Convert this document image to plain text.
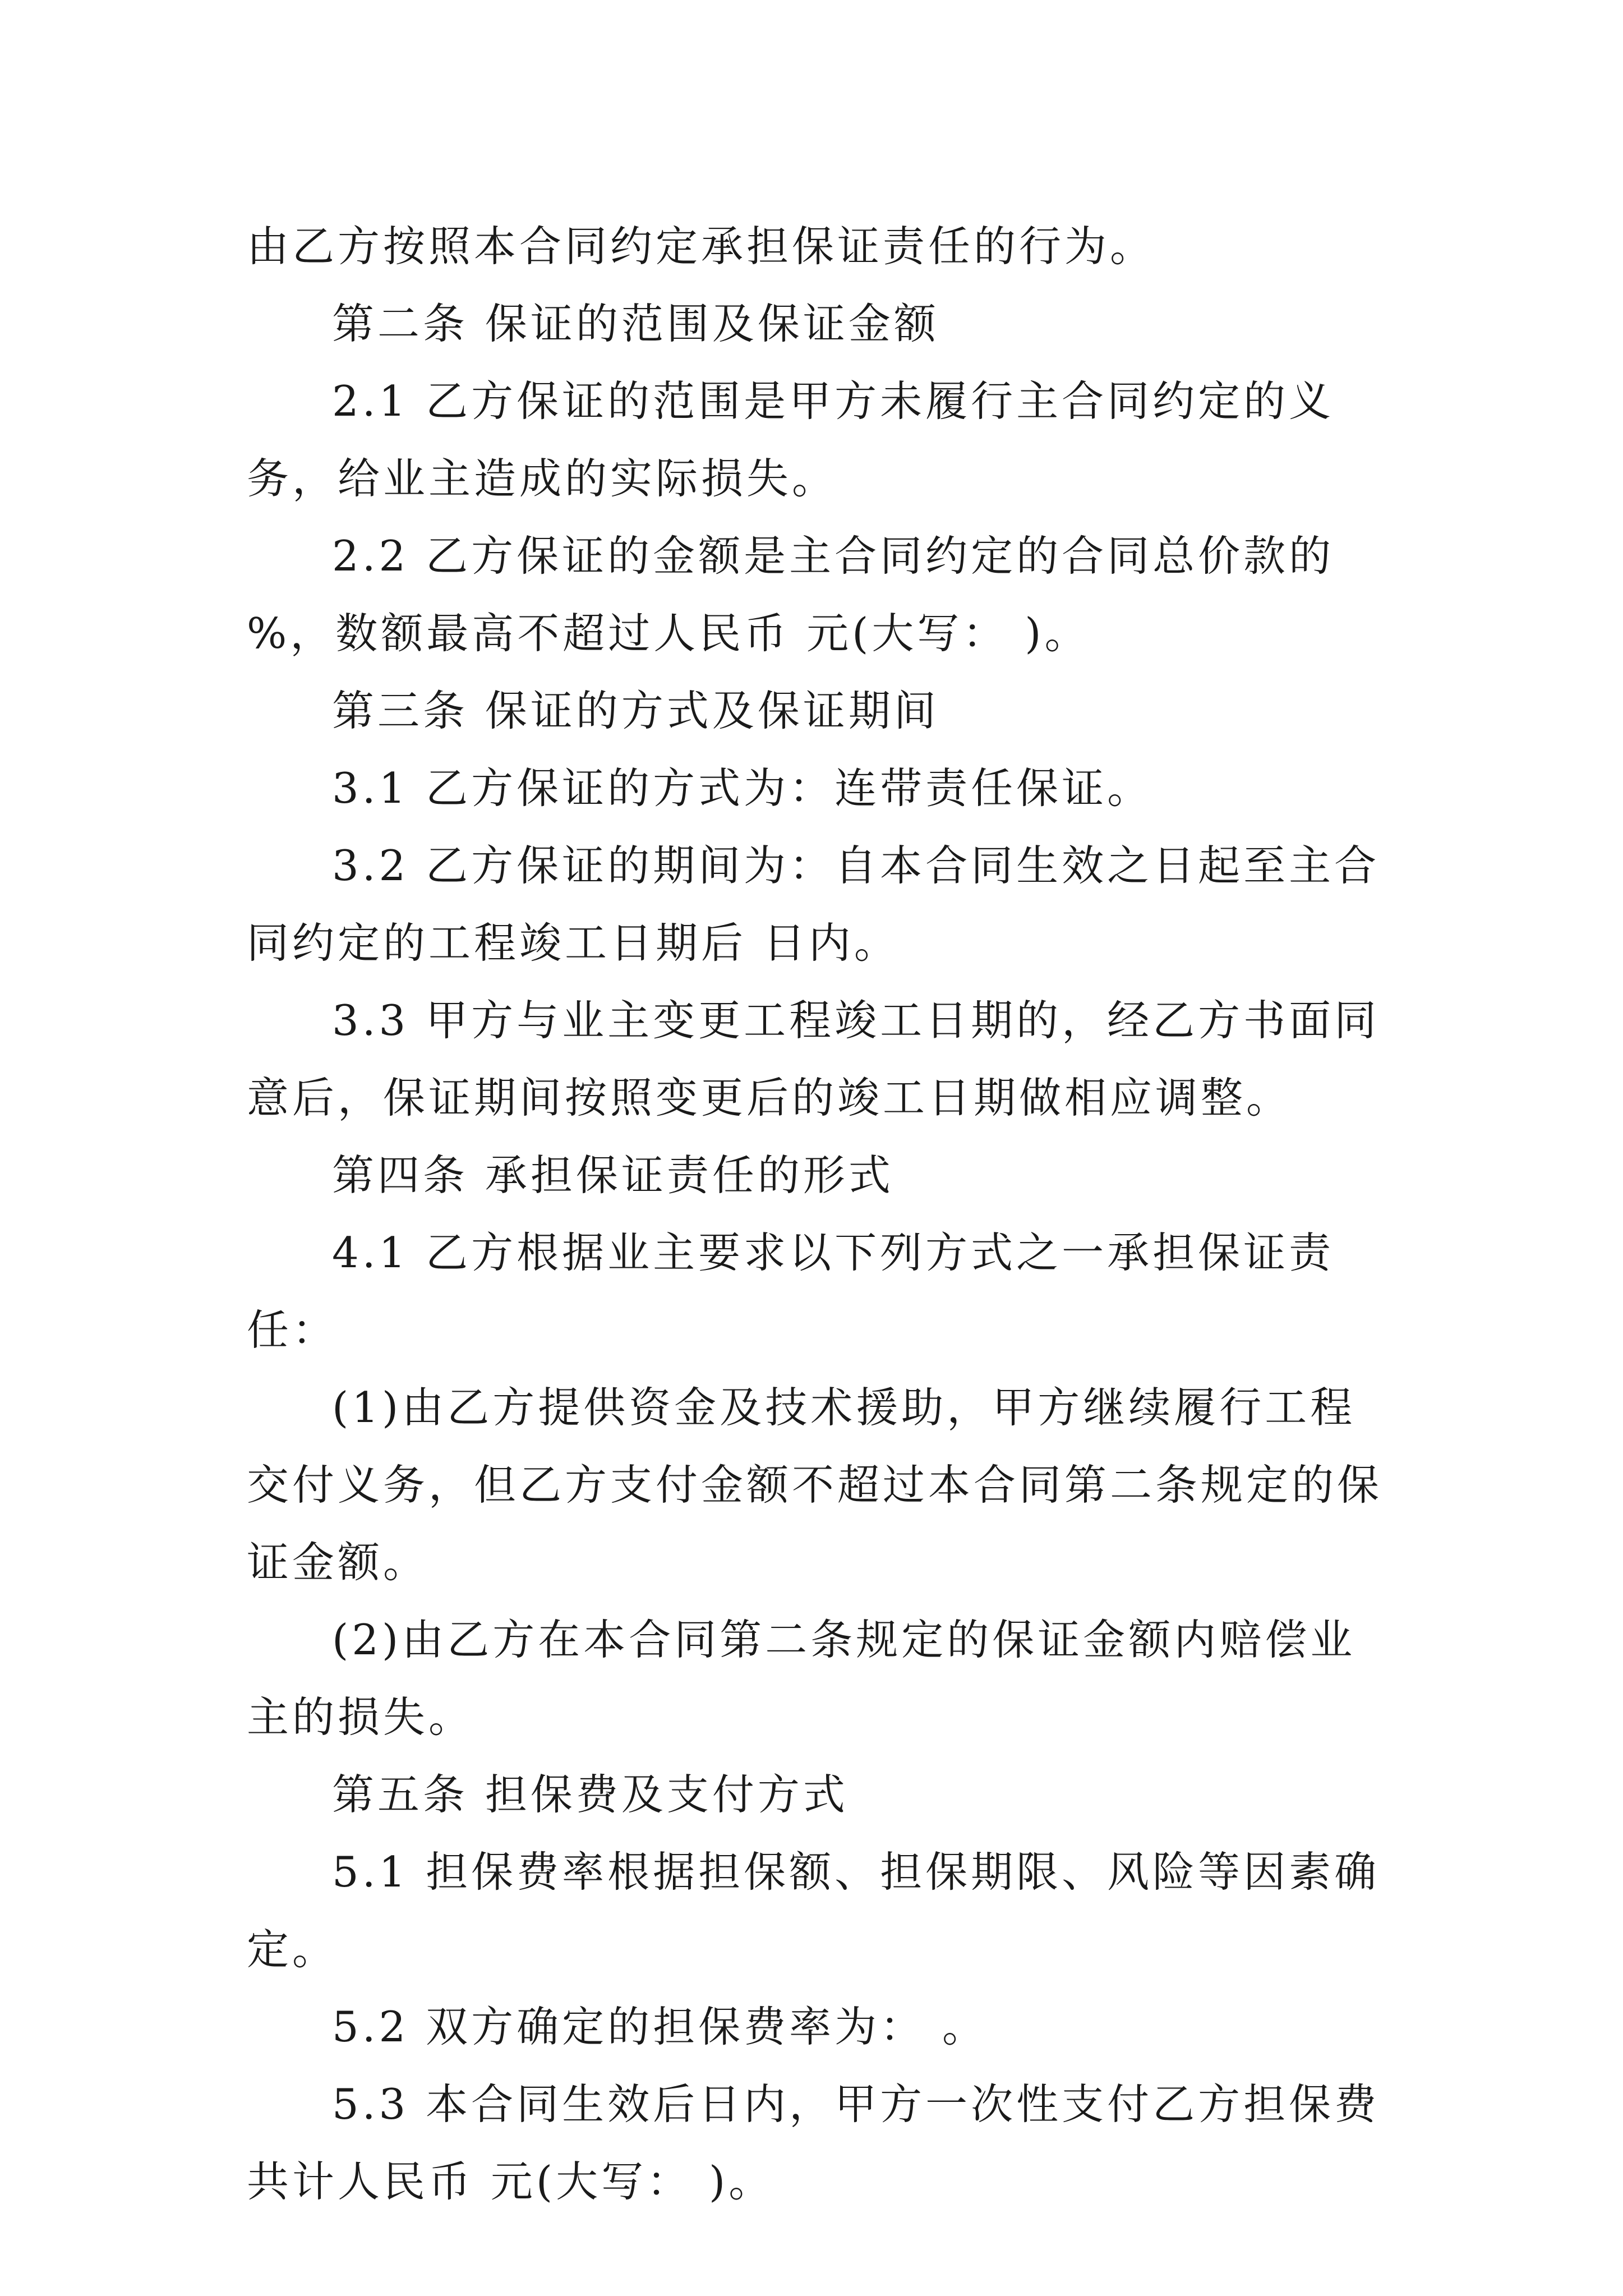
由乙方按照本合同约定承担保证责任的行为。

第二条 保证的范围及保证金额

2.1 乙方保证的范围是甲方未履行主合同约定的义务，给业主造成的实际损失。

2.2 乙方保证的金额是主合同约定的合同总价款的 %，数额最高不超过人民币 元(大写： )。

第三条 保证的方式及保证期间

3.1 乙方保证的方式为：连带责任保证。

3.2 乙方保证的期间为：自本合同生效之日起至主合同约定的工程竣工日期后 日内。

3.3 甲方与业主变更工程竣工日期的，经乙方书面同意后，保证期间按照变更后的竣工日期做相应调整。

第四条 承担保证责任的形式

4.1 乙方根据业主要求以下列方式之一承担保证责任：

(1)由乙方提供资金及技术援助，甲方继续履行工程交付义务，但乙方支付金额不超过本合同第二条规定的保证金额。

(2)由乙方在本合同第二条规定的保证金额内赔偿业主的损失。

第五条 担保费及支付方式

5.1 担保费率根据担保额、担保期限、风险等因素确定。

5.2 双方确定的担保费率为： 。

5.3 本合同生效后日内，甲方一次性支付乙方担保费共计人民币 元(大写： )。
